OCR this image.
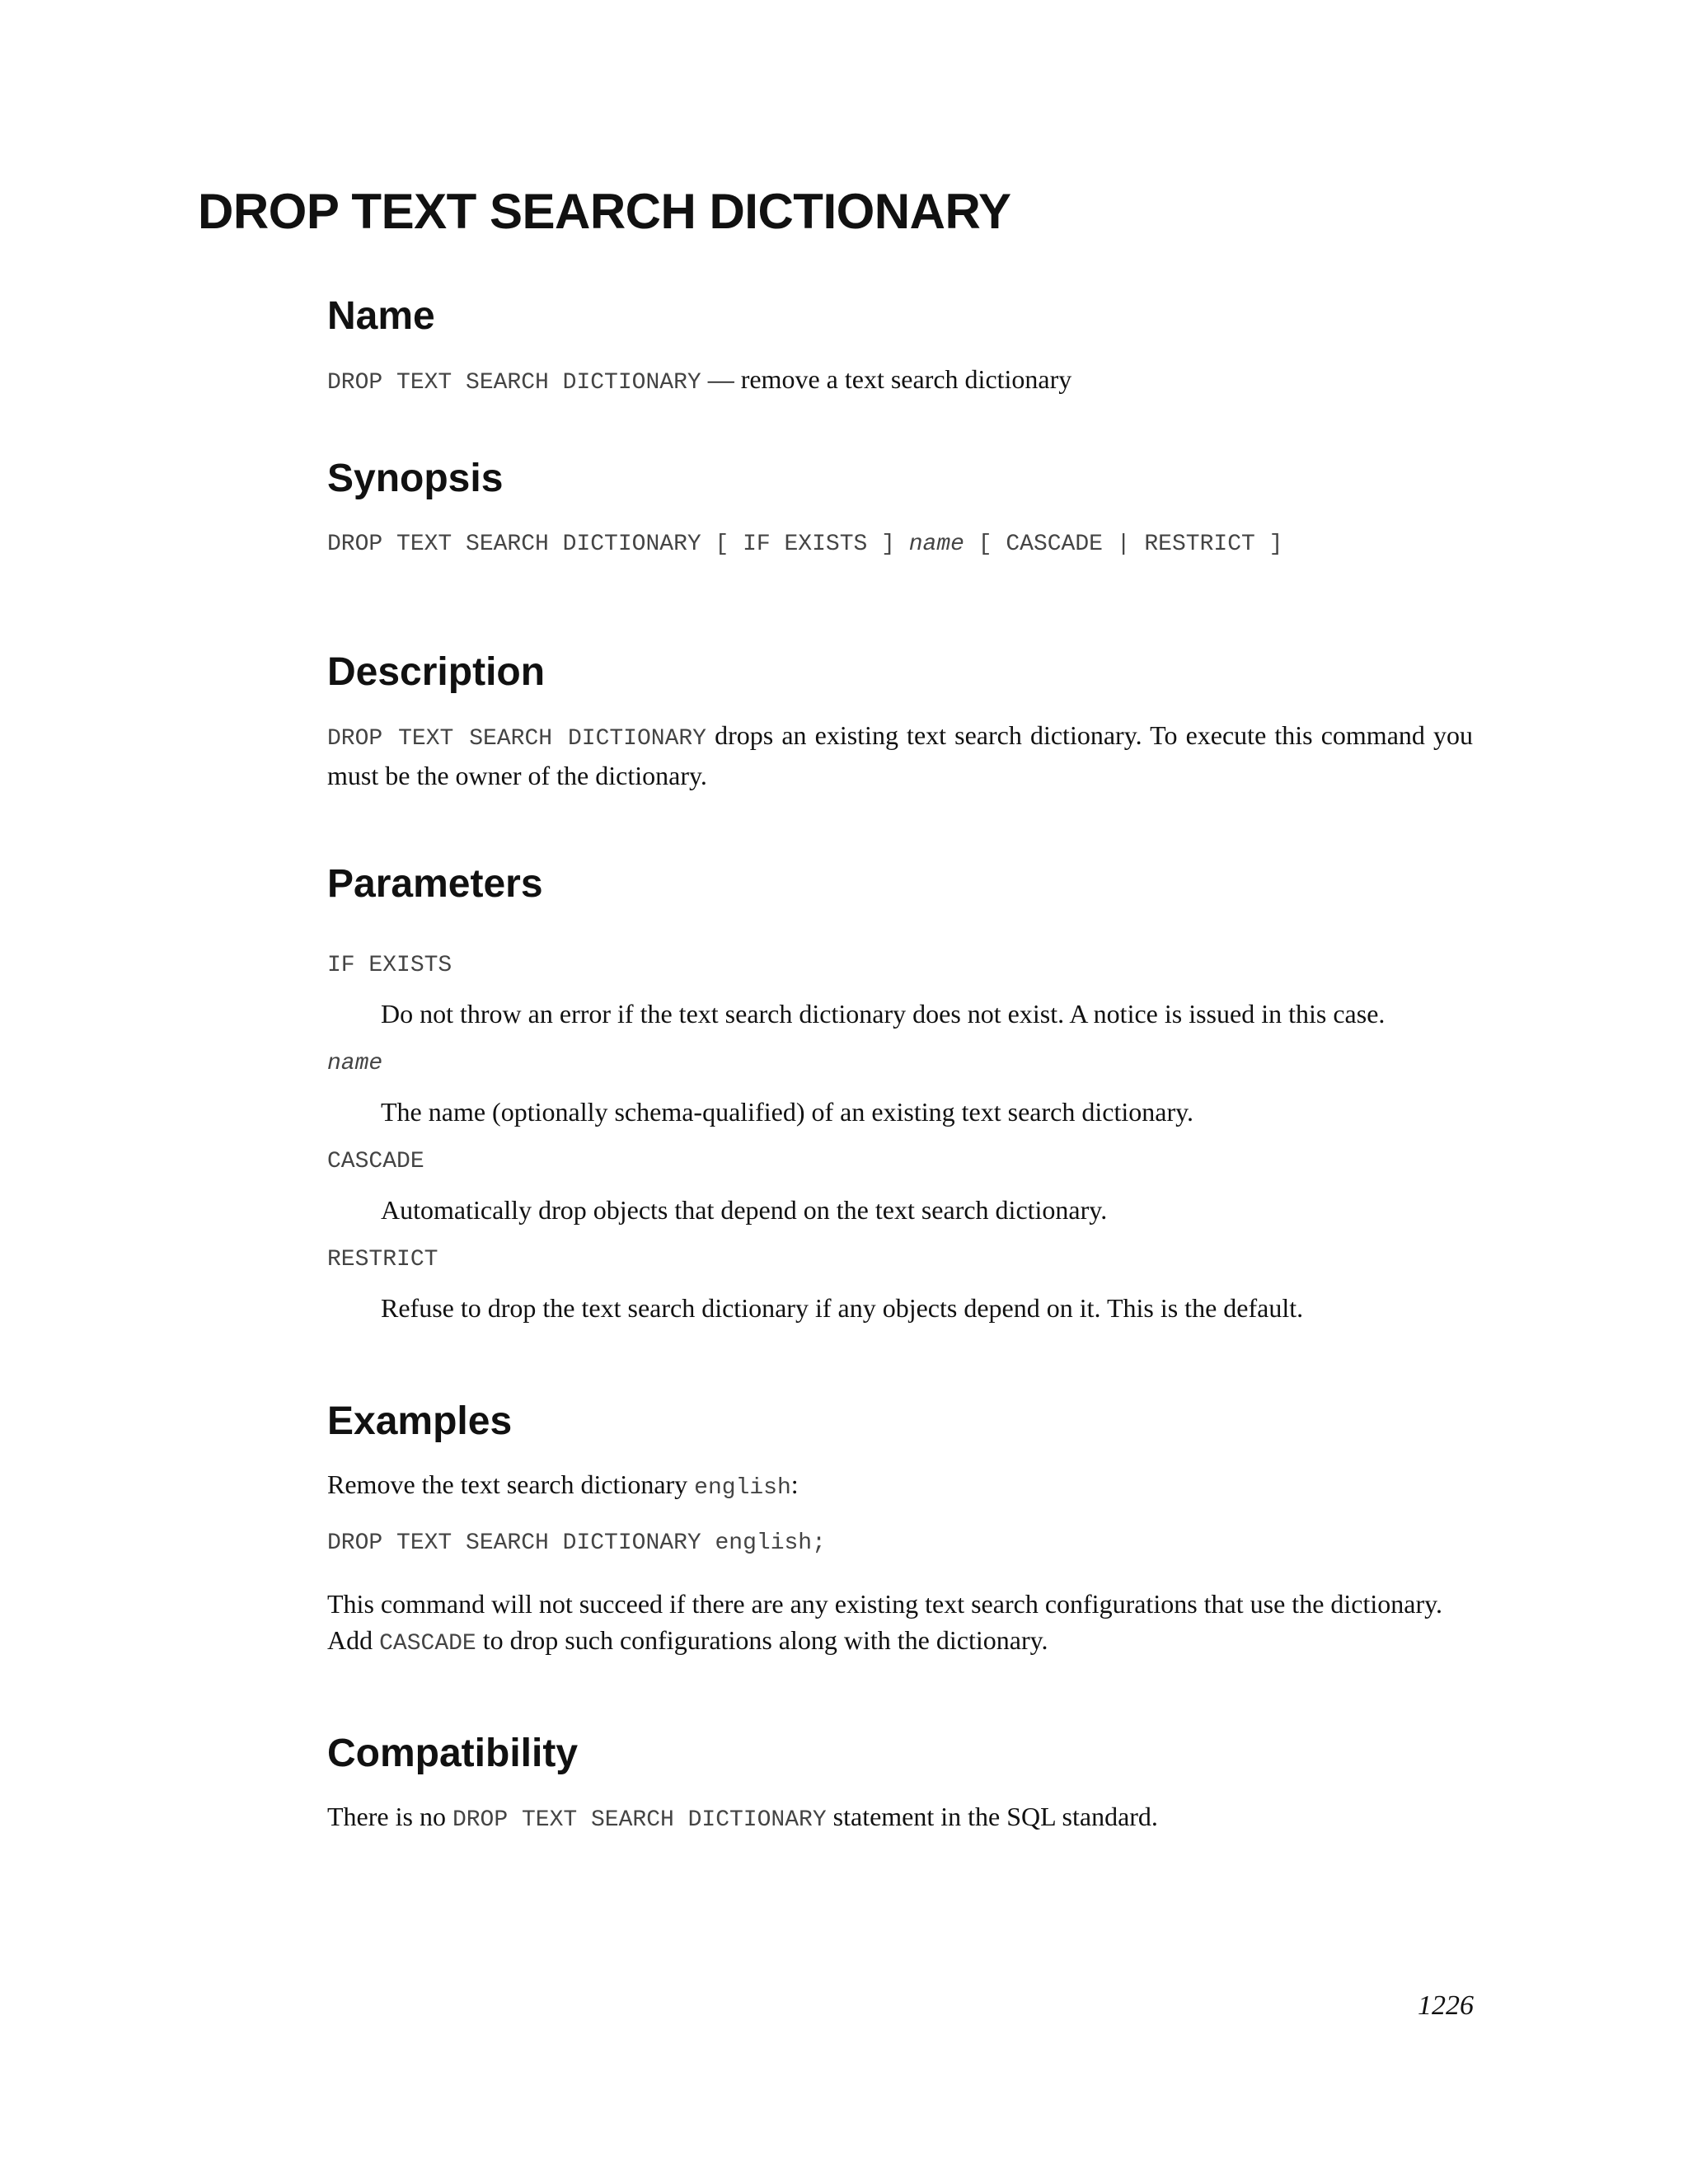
DROP TEXT SEARCH DICTIONARY
Name

DROP TEXT SEARCH DICTIONARY — remove a text search dictionary

Synopsis

DROP TEXT SEARCH DICTIONARY [ IF EXISTS ] name [ CASCADE | RESTRICT ]

Description

DROP TEXT SEARCH DICTIONARY drops an existing text search dictionary. To execute this command you must be the owner of the dictionary.

Parameters
IF EXISTS
Do not throw an error if the text search dictionary does not exist. A notice is issued in this case.
name
The name (optionally schema-qualified) of an existing text search dictionary.
CASCADE
Automatically drop objects that depend on the text search dictionary.
RESTRICT
Refuse to drop the text search dictionary if any objects depend on it. This is the default.
Examples

Remove the text search dictionary english:

DROP TEXT SEARCH DICTIONARY english;

This command will not succeed if there are any existing text search configurations that use the dictionary.

Add CASCADE to drop such configurations along with the dictionary.

Compatibility

There is no DROP TEXT SEARCH DICTIONARY statement in the SQL standard.

1226
